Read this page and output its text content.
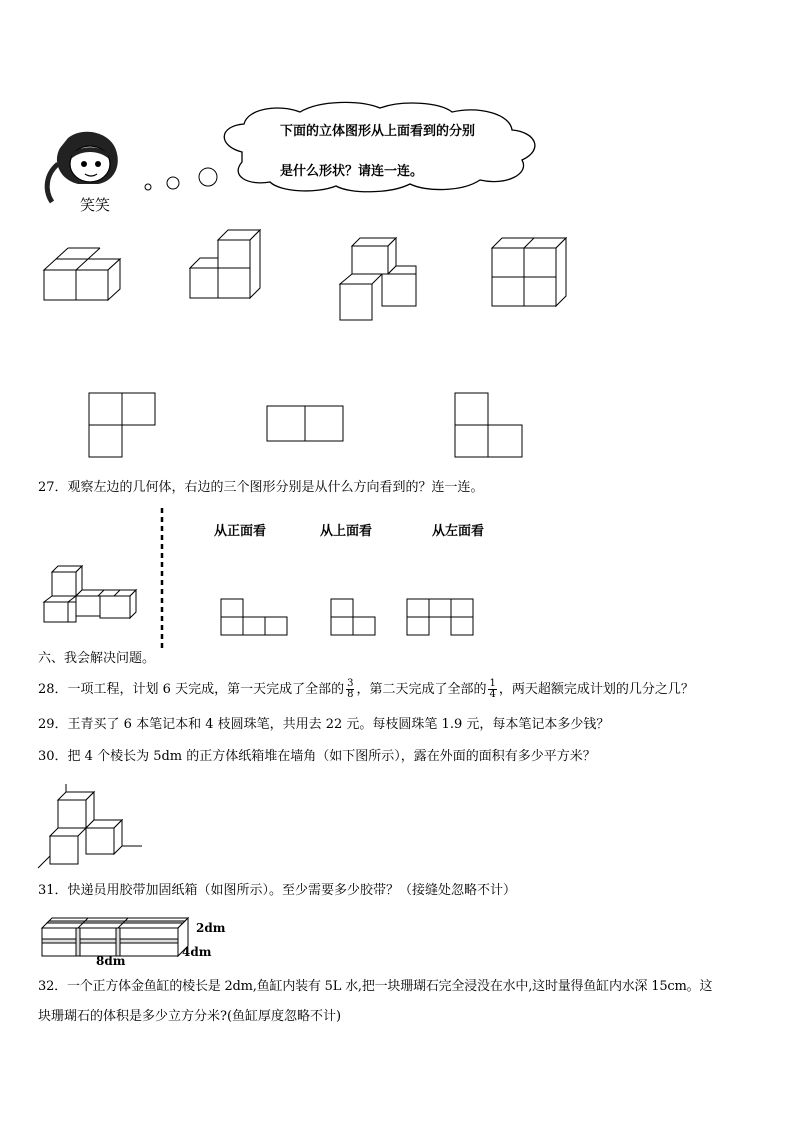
笑笑
下面的立体图形从上面看到的分别
是什么形状？请连一连。
27．观察左边的几何体，右边的三个图形分别是从什么方向看到的？连一连。
从正面看	从上面看	从左面看
六、我会解决问题。
28．一项工程，计划 6 天完成，第一天完成了全部的 $\frac{3}{8}$ ，第二天完成了全部的 $\frac{1}{4}$ ，两天超额完成计划的几分之几？
29．王青买了 6 本笔记本和 4 枝圆珠笔，共用去 22 元。每枝圆珠笔 1.9 元，每本笔记本多少钱？
30．把 4 个棱长为 5dm 的正方体纸箱堆在墙角（如下图所示），露在外面的面积有多少平方米？
31．快递员用胶带加固纸箱（如图所示）。至少需要多少胶带？（接缝处忽略不计）
2dm
4dm
8dm
32．一个正方体金鱼缸的棱长是 2dm,鱼缸内装有 5L 水,把一块珊瑚石完全浸没在水中,这时量得鱼缸内水深 15cm。这
块珊瑚石的体积是多少立方分米?(鱼缸厚度忽略不计)
